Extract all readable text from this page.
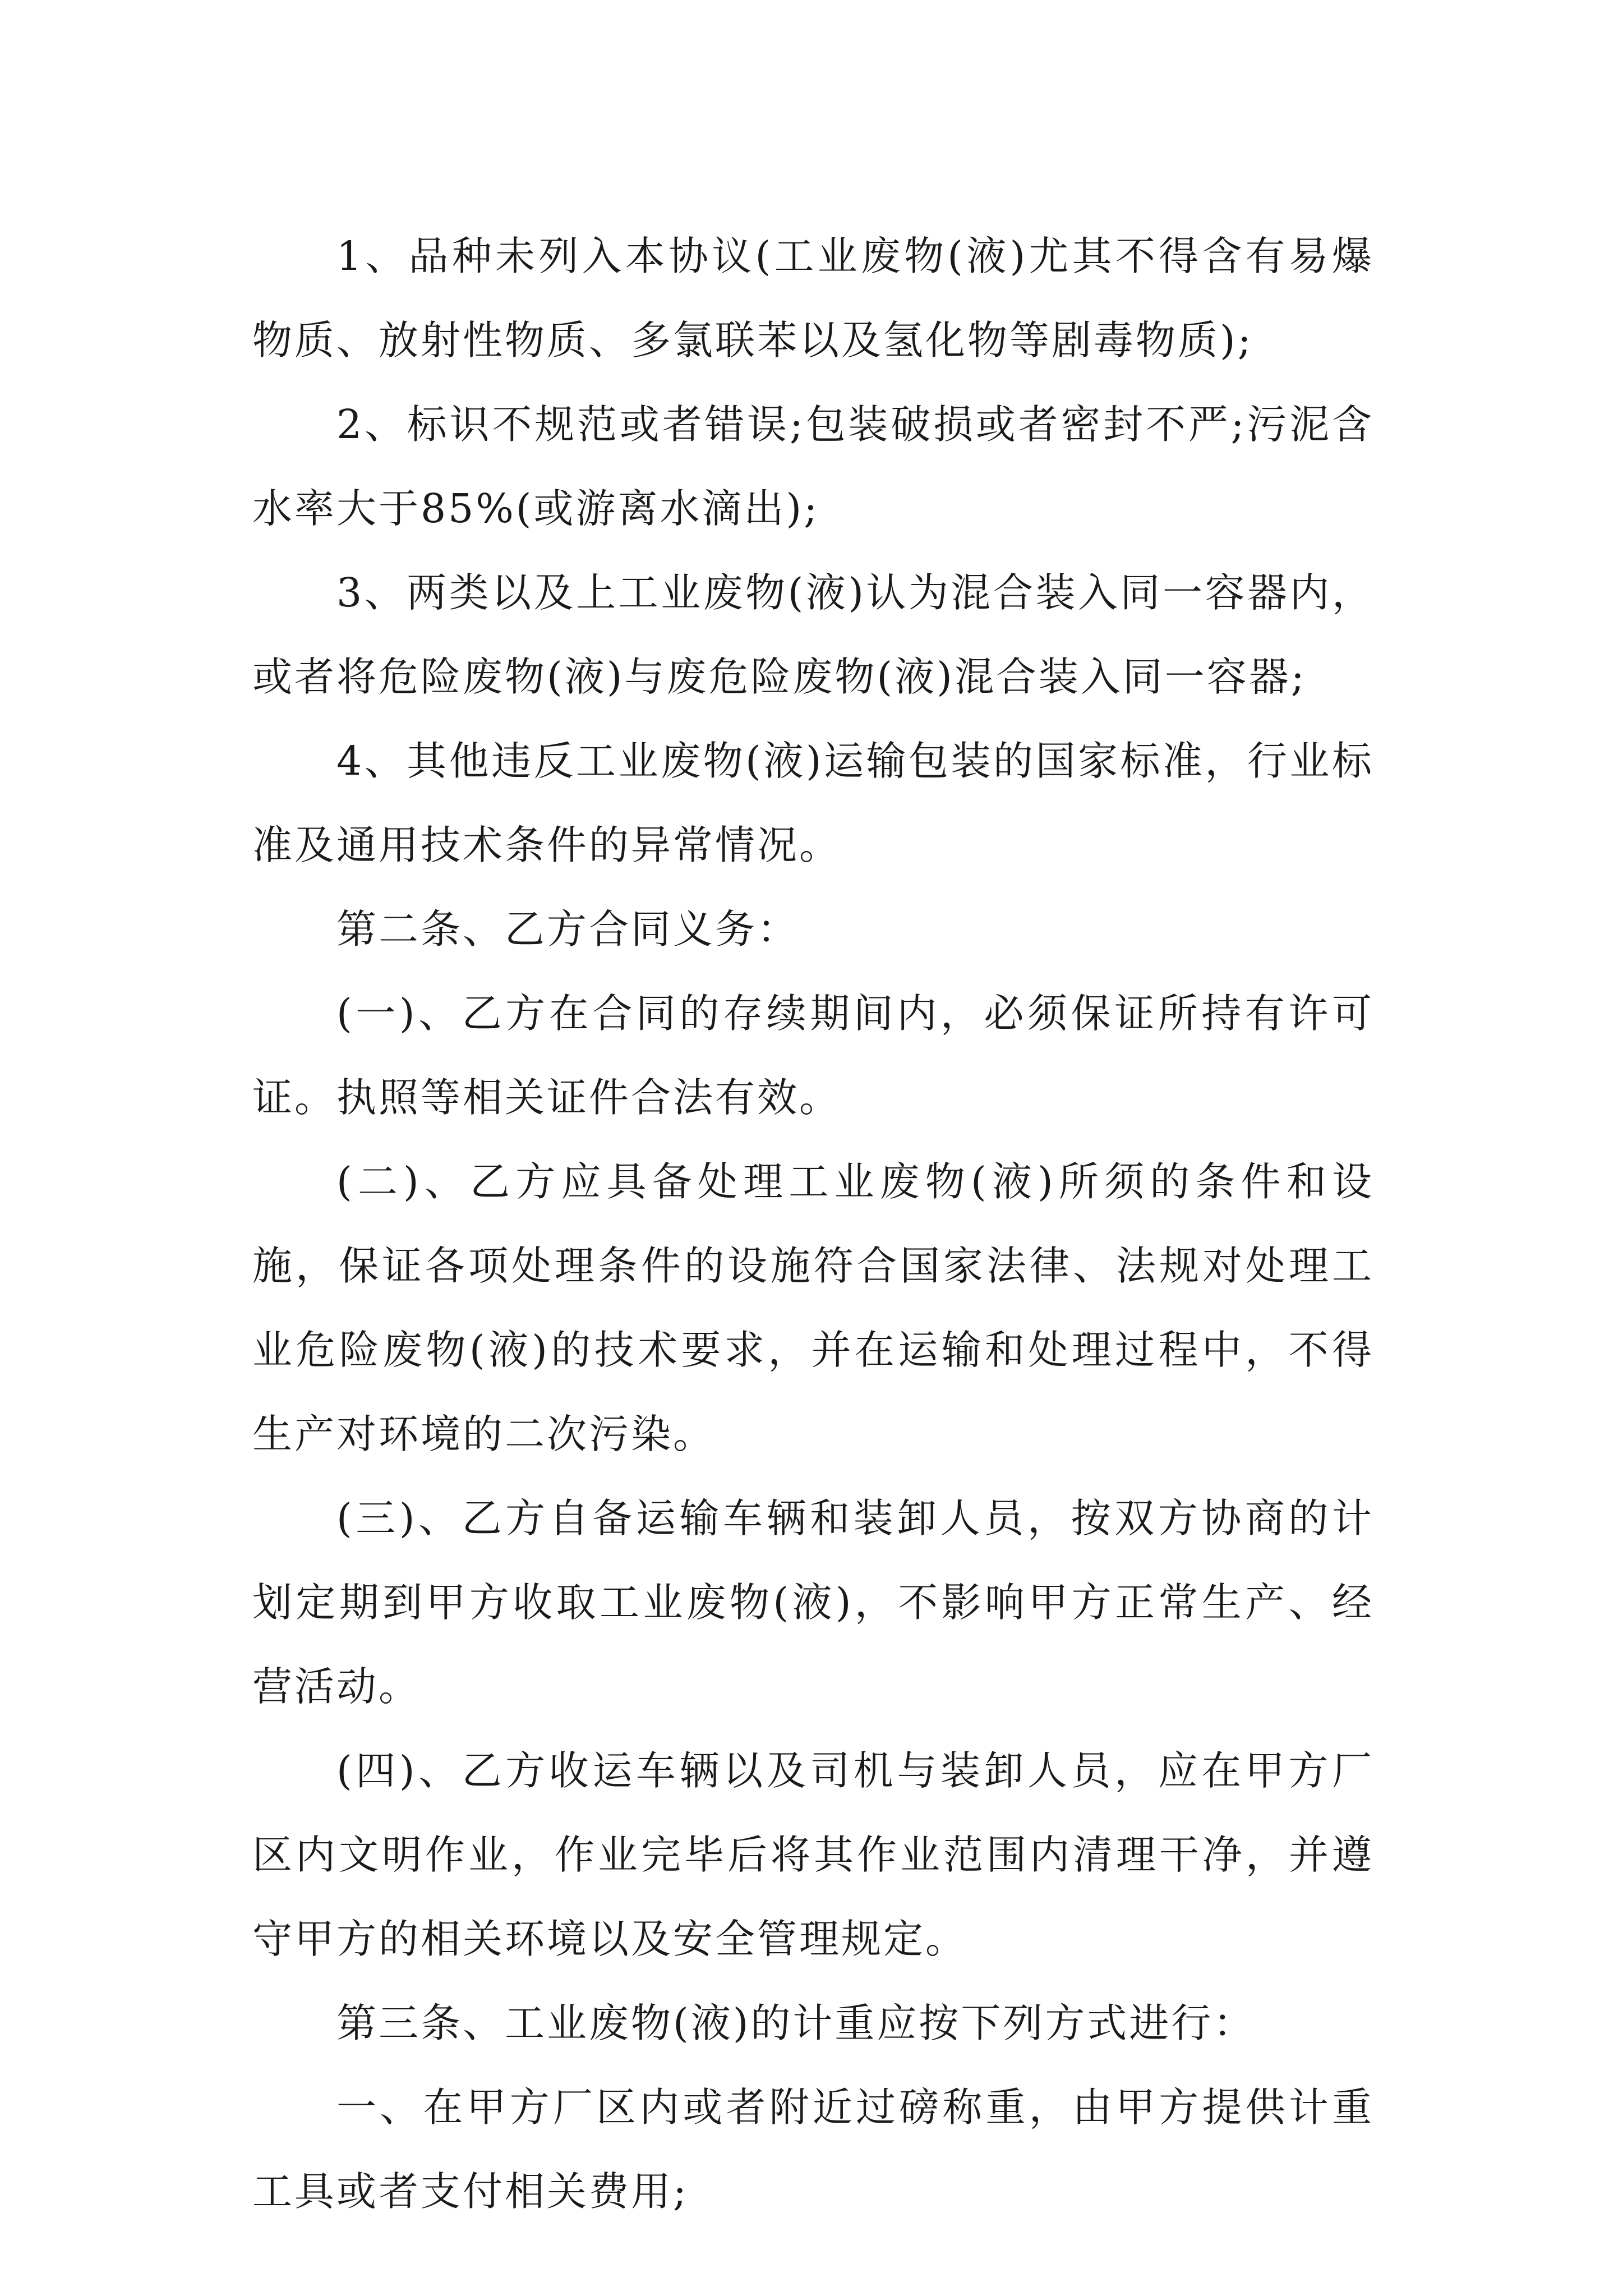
1、品种未列入本协议(工业废物(液)尤其不得含有易爆物质、放射性物质、多氯联苯以及氢化物等剧毒物质);

2、标识不规范或者错误;包装破损或者密封不严;污泥含水率大于85%(或游离水滴出);

3、两类以及上工业废物(液)认为混合装入同一容器内，或者将危险废物(液)与废危险废物(液)混合装入同一容器;

4、其他违反工业废物(液)运输包装的国家标准，行业标准及通用技术条件的异常情况。

第二条、乙方合同义务：

(一)、乙方在合同的存续期间内，必须保证所持有许可证。执照等相关证件合法有效。

(二)、乙方应具备处理工业废物(液)所须的条件和设施，保证各项处理条件的设施符合国家法律、法规对处理工业危险废物(液)的技术要求，并在运输和处理过程中，不得生产对环境的二次污染。

(三)、乙方自备运输车辆和装卸人员，按双方协商的计划定期到甲方收取工业废物(液)，不影响甲方正常生产、经营活动。

(四)、乙方收运车辆以及司机与装卸人员，应在甲方厂区内文明作业，作业完毕后将其作业范围内清理干净，并遵守甲方的相关环境以及安全管理规定。

第三条、工业废物(液)的计重应按下列方式进行：

一、在甲方厂区内或者附近过磅称重，由甲方提供计重工具或者支付相关费用;
